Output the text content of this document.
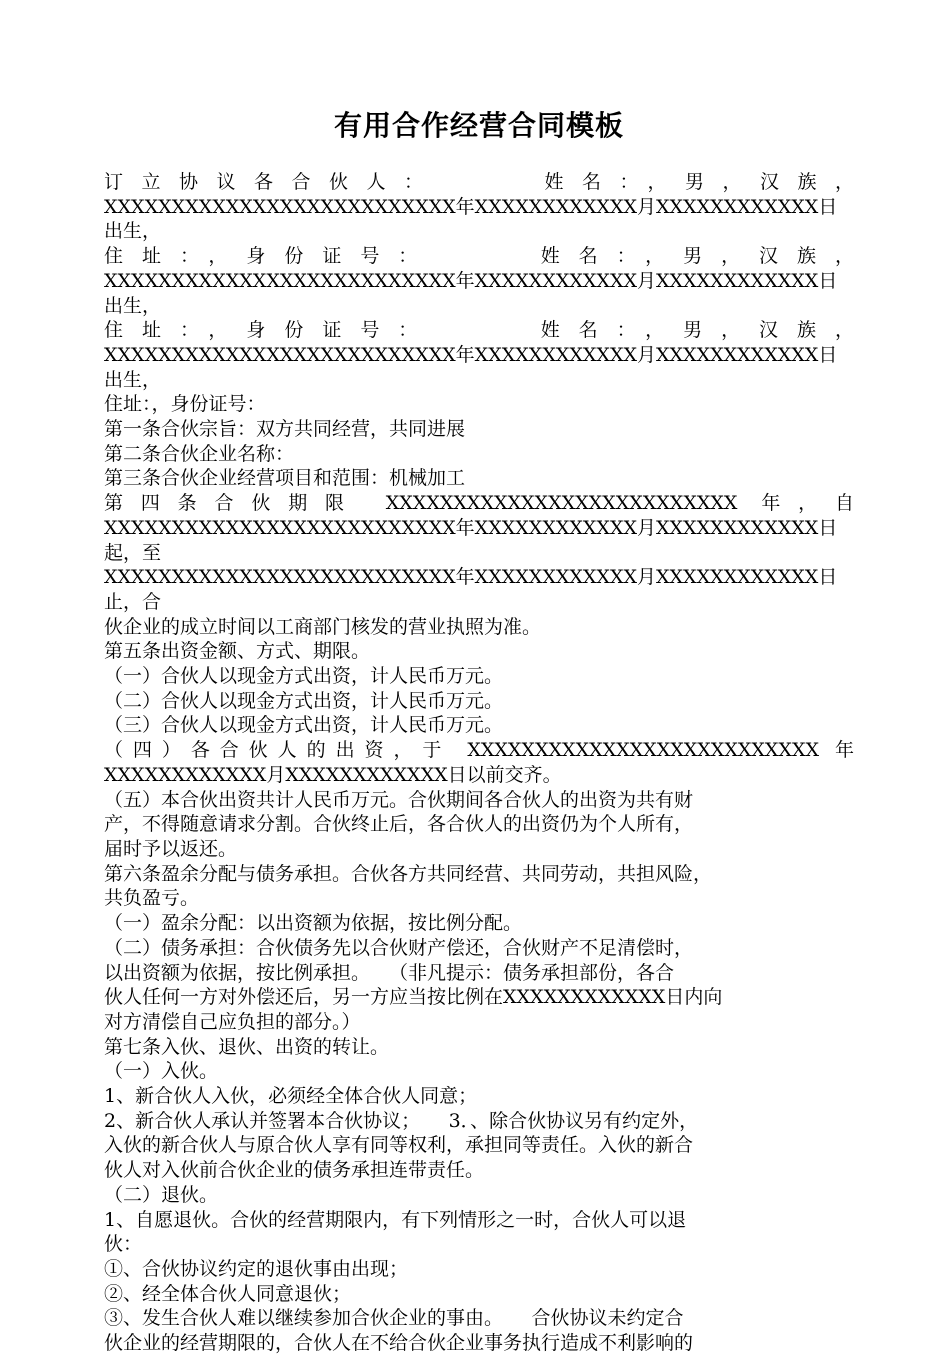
有用合作经营合同模板

订立协议各合伙人：　　　姓名：，男，汉族，

XXXXXXXXXXXXXXXXXXXXXXXXXX年XXXXXXXXXXXX月XXXXXXXXXXXX日出生，

住址：，身份证号：　　　姓名：，男，汉族，

XXXXXXXXXXXXXXXXXXXXXXXXXX年XXXXXXXXXXXX月XXXXXXXXXXXX日出生，

住址：，身份证号：　　　姓名：，男，汉族，

XXXXXXXXXXXXXXXXXXXXXXXXXX年XXXXXXXXXXXX月XXXXXXXXXXXX日出生，

住址：，身份证号：

第一条合伙宗旨：双方共同经营，共同进展

第二条合伙企业名称：

第三条合伙企业经营项目和范围：机械加工

第四条合伙期限 XXXXXXXXXXXXXXXXXXXXXXXXXX 年，自

XXXXXXXXXXXXXXXXXXXXXXXXXX年XXXXXXXXXXXX月XXXXXXXXXXXX日起，至

XXXXXXXXXXXXXXXXXXXXXXXXXX年XXXXXXXXXXXX月XXXXXXXXXXXX日止，合

伙企业的成立时间以工商部门核发的营业执照为准。

第五条出资金额、方式、期限。

（一）合伙人以现金方式出资，计人民币万元。

（二）合伙人以现金方式出资，计人民币万元。

（三）合伙人以现金方式出资，计人民币万元。

（四）各合伙人的出资，于 XXXXXXXXXXXXXXXXXXXXXXXXXX 年

XXXXXXXXXXXX月XXXXXXXXXXXX日以前交齐。

（五）本合伙出资共计人民币万元。合伙期间各合伙人的出资为共有财

产，不得随意请求分割。合伙终止后，各合伙人的出资仍为个人所有，

届时予以返还。

第六条盈余分配与债务承担。合伙各方共同经营、共同劳动，共担风险，

共负盈亏。

（一）盈余分配：以出资额为依据，按比例分配。

（二）债务承担：合伙债务先以合伙财产偿还，合伙财产不足清偿时，

以出资额为依据，按比例承担。　　（非凡提示：债务承担部份，各合

伙人任何一方对外偿还后，另一方应当按比例在XXXXXXXXXXXX日内向

对方清偿自己应负担的部分。）

第七条入伙、退伙、出资的转让。

（一）入伙。

1、新合伙人入伙，必须经全体合伙人同意；

2、新合伙人承认并签署本合伙协议；　　3．、除合伙协议另有约定外，

入伙的新合伙人与原合伙人享有同等权利，承担同等责任。入伙的新合

伙人对入伙前合伙企业的债务承担连带责任。

（二）退伙。

1、自愿退伙。合伙的经营期限内，有下列情形之一时，合伙人可以退

伙：

①、合伙协议约定的退伙事由出现；

②、经全体合伙人同意退伙；

③、发生合伙人难以继续参加合伙企业的事由。　　合伙协议未约定合

伙企业的经营期限的，合伙人在不给合伙企业事务执行造成不利影响的
